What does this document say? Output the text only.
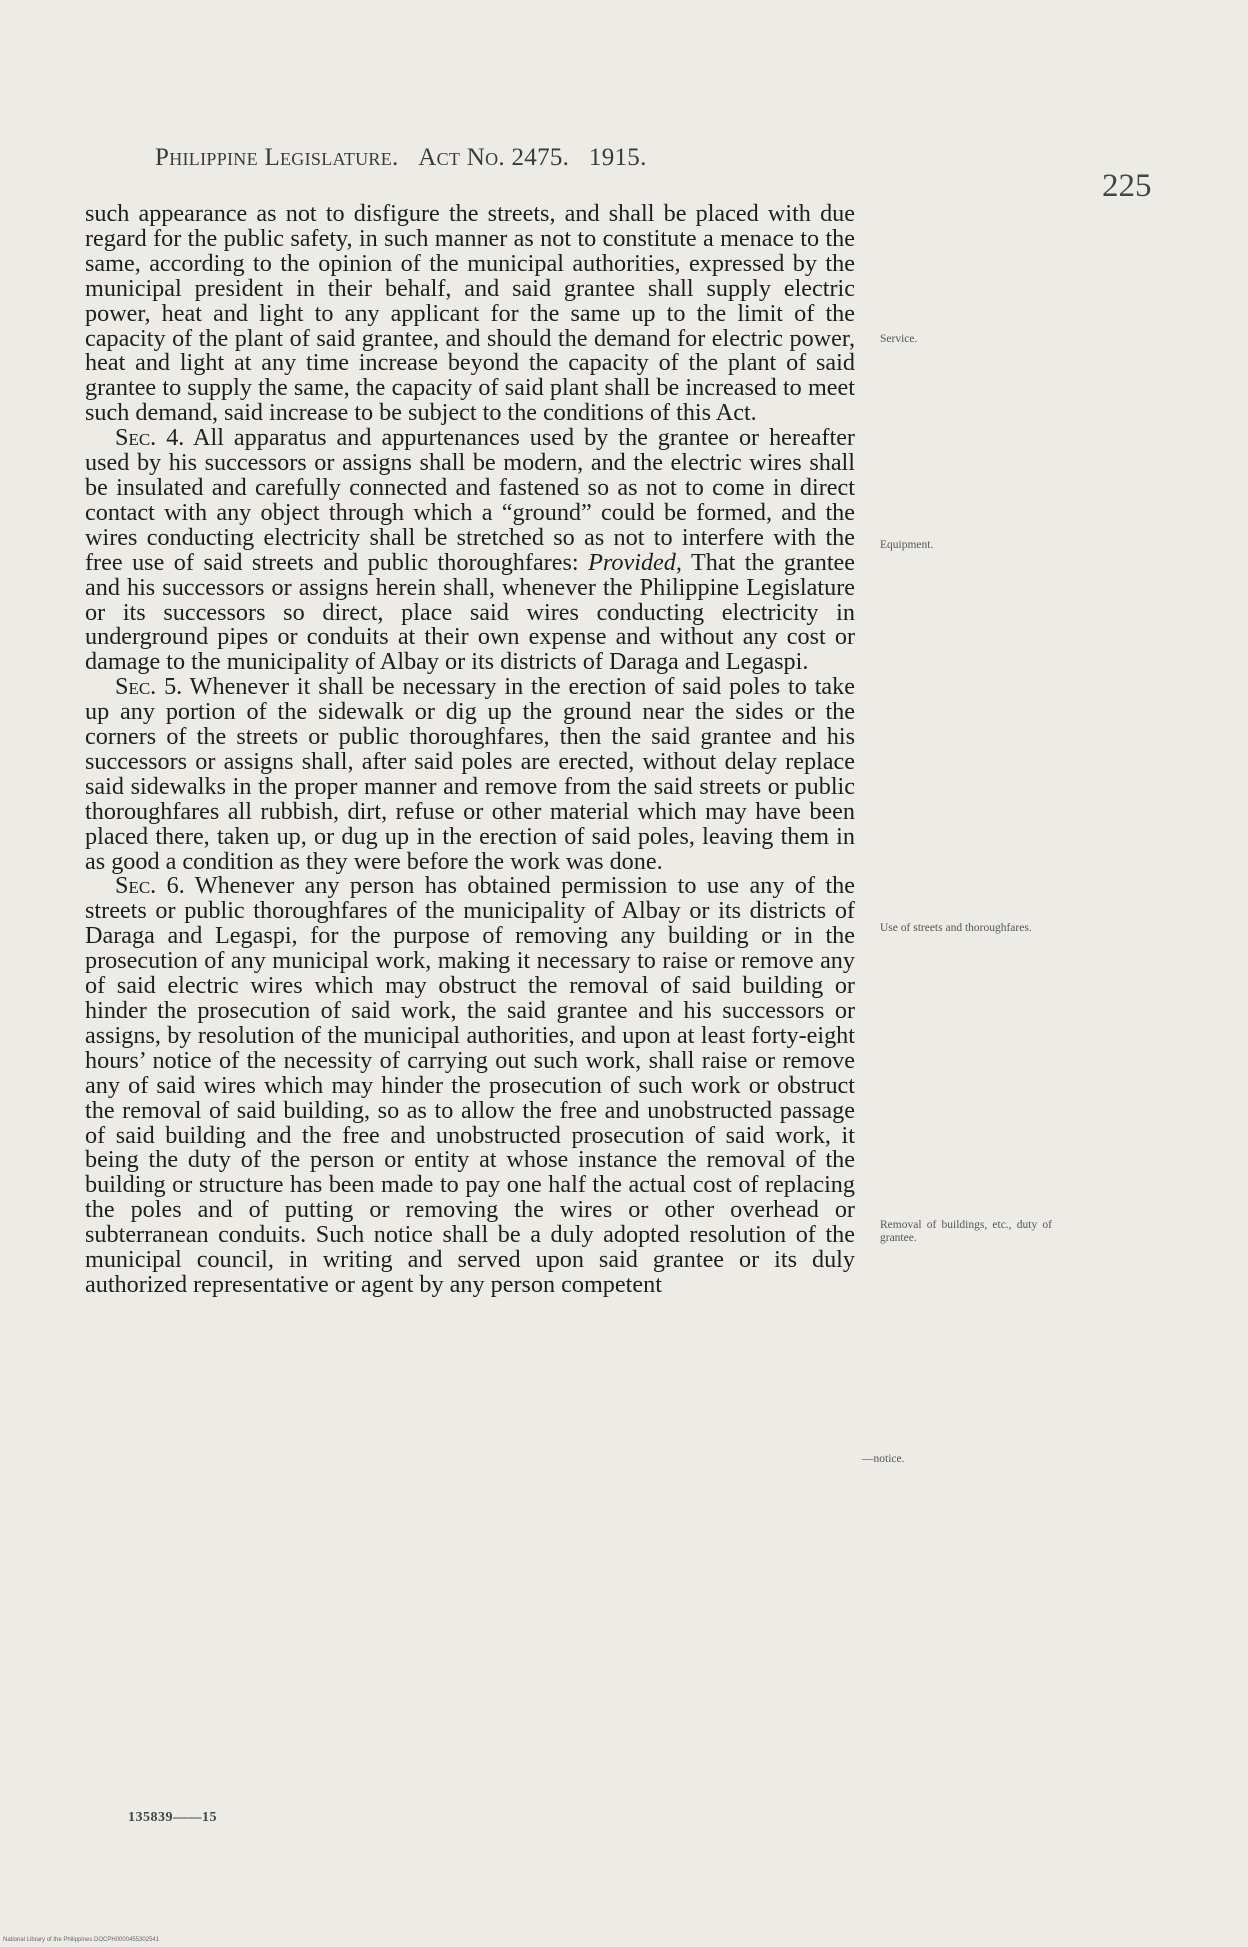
Philippine Legislature. Act No. 2475. 1915.
225

such appearance as not to disfigure the streets, and shall be placed with due regard for the public safety, in such manner as not to constitute a menace to the same, according to the opinion of the municipal authorities, expressed by the municipal president in their behalf, and said grantee shall supply electric power, heat and light to any applicant for the same up to the limit of the capacity of the plant of said grantee, and should the demand for electric power, heat and light at any time increase beyond the capacity of the plant of said grantee to supply the same, the capacity of said plant shall be increased to meet such demand, said increase to be subject to the conditions of this Act.

Sec. 4. All apparatus and appurtenances used by the grantee or hereafter used by his successors or assigns shall be modern, and the electric wires shall be insulated and carefully connected and fastened so as not to come in direct contact with any object through which a “ground” could be formed, and the wires conducting electricity shall be stretched so as not to interfere with the free use of said streets and public thoroughfares: Provided, That the grantee and his successors or assigns herein shall, whenever the Philippine Legislature or its successors so direct, place said wires conducting electricity in underground pipes or conduits at their own expense and without any cost or damage to the municipality of Albay or its districts of Daraga and Legaspi.

Sec. 5. Whenever it shall be necessary in the erection of said poles to take up any portion of the sidewalk or dig up the ground near the sides or the corners of the streets or public thoroughfares, then the said grantee and his successors or assigns shall, after said poles are erected, without delay replace said sidewalks in the proper manner and remove from the said streets or public thoroughfares all rubbish, dirt, refuse or other material which may have been placed there, taken up, or dug up in the erection of said poles, leaving them in as good a condition as they were before the work was done.

Sec. 6. Whenever any person has obtained permission to use any of the streets or public thoroughfares of the municipality of Albay or its districts of Daraga and Legaspi, for the purpose of removing any building or in the prosecution of any municipal work, making it necessary to raise or remove any of said electric wires which may obstruct the removal of said building or hinder the prosecution of said work, the said grantee and his successors or assigns, by resolution of the municipal authorities, and upon at least forty-eight hours’ notice of the necessity of carrying out such work, shall raise or remove any of said wires which may hinder the prosecution of such work or obstruct the removal of said building, so as to allow the free and unobstructed passage of said building and the free and unobstructed prosecution of said work, it being the duty of the person or entity at whose instance the removal of the building or structure has been made to pay one half the actual cost of replacing the poles and of putting or removing the wires or other overhead or subterranean conduits. Such notice shall be a duly adopted resolution of the municipal council, in writing and served upon said grantee or its duly authorized representative or agent by any person competent

Service.
Equipment.
Use of streets and thoroughfares.
Removal of buildings, etc., duty of grantee.
—notice.
135839——15
National Library of the Philippines DOCPH0000455302541
